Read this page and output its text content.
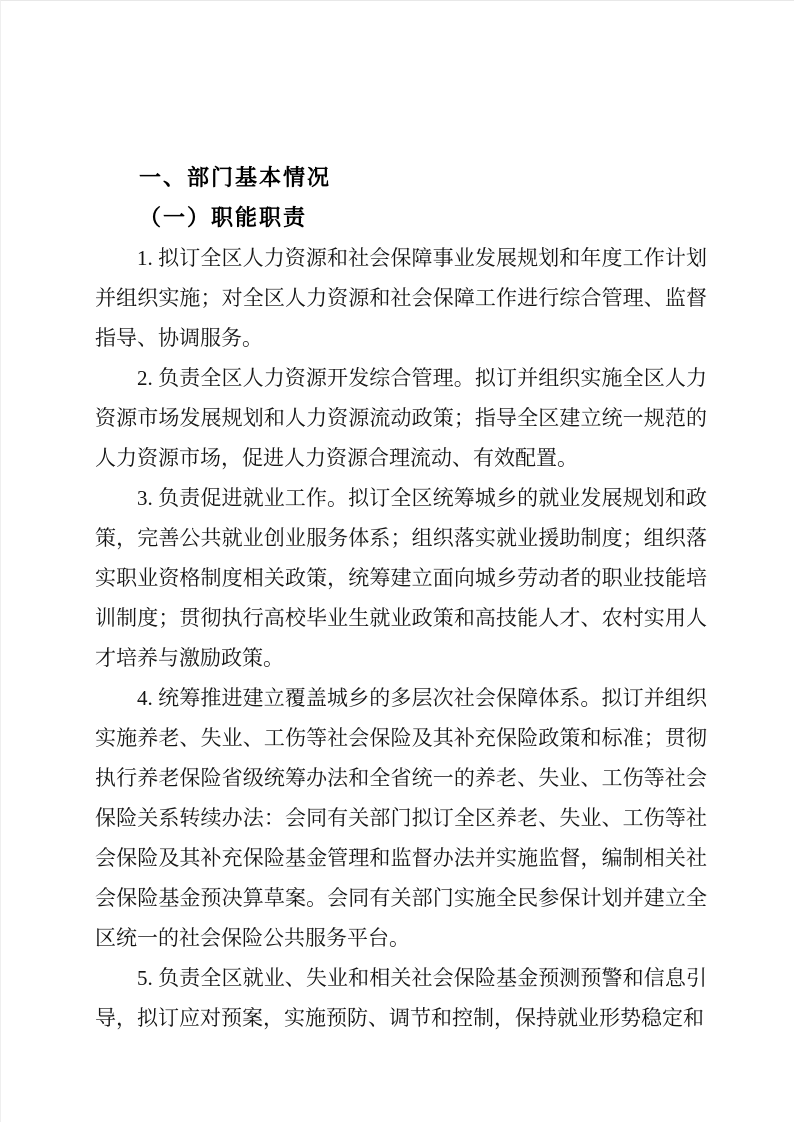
一、部门基本情况
（一）职能职责

1. 拟订全区人力资源和社会保障事业发展规划和年度工作计划并组织实施；对全区人力资源和社会保障工作进行综合管理、监督指导、协调服务。

2. 负责全区人力资源开发综合管理。拟订并组织实施全区人力资源市场发展规划和人力资源流动政策；指导全区建立统一规范的人力资源市场，促进人力资源合理流动、有效配置。

3. 负责促进就业工作。拟订全区统筹城乡的就业发展规划和政策，完善公共就业创业服务体系；组织落实就业援助制度；组织落实职业资格制度相关政策，统筹建立面向城乡劳动者的职业技能培训制度；贯彻执行高校毕业生就业政策和高技能人才、农村实用人才培养与激励政策。

4. 统筹推进建立覆盖城乡的多层次社会保障体系。拟订并组织实施养老、失业、工伤等社会保险及其补充保险政策和标准；贯彻执行养老保险省级统筹办法和全省统一的养老、失业、工伤等社会保险关系转续办法：会同有关部门拟订全区养老、失业、工伤等社会保险及其补充保险基金管理和监督办法并实施监督，编制相关社会保险基金预决算草案。会同有关部门实施全民参保计划并建立全区统一的社会保险公共服务平台。

5. 负责全区就业、失业和相关社会保险基金预测预警和信息引导，拟订应对预案，实施预防、调节和控制，保持就业形势稳定和
